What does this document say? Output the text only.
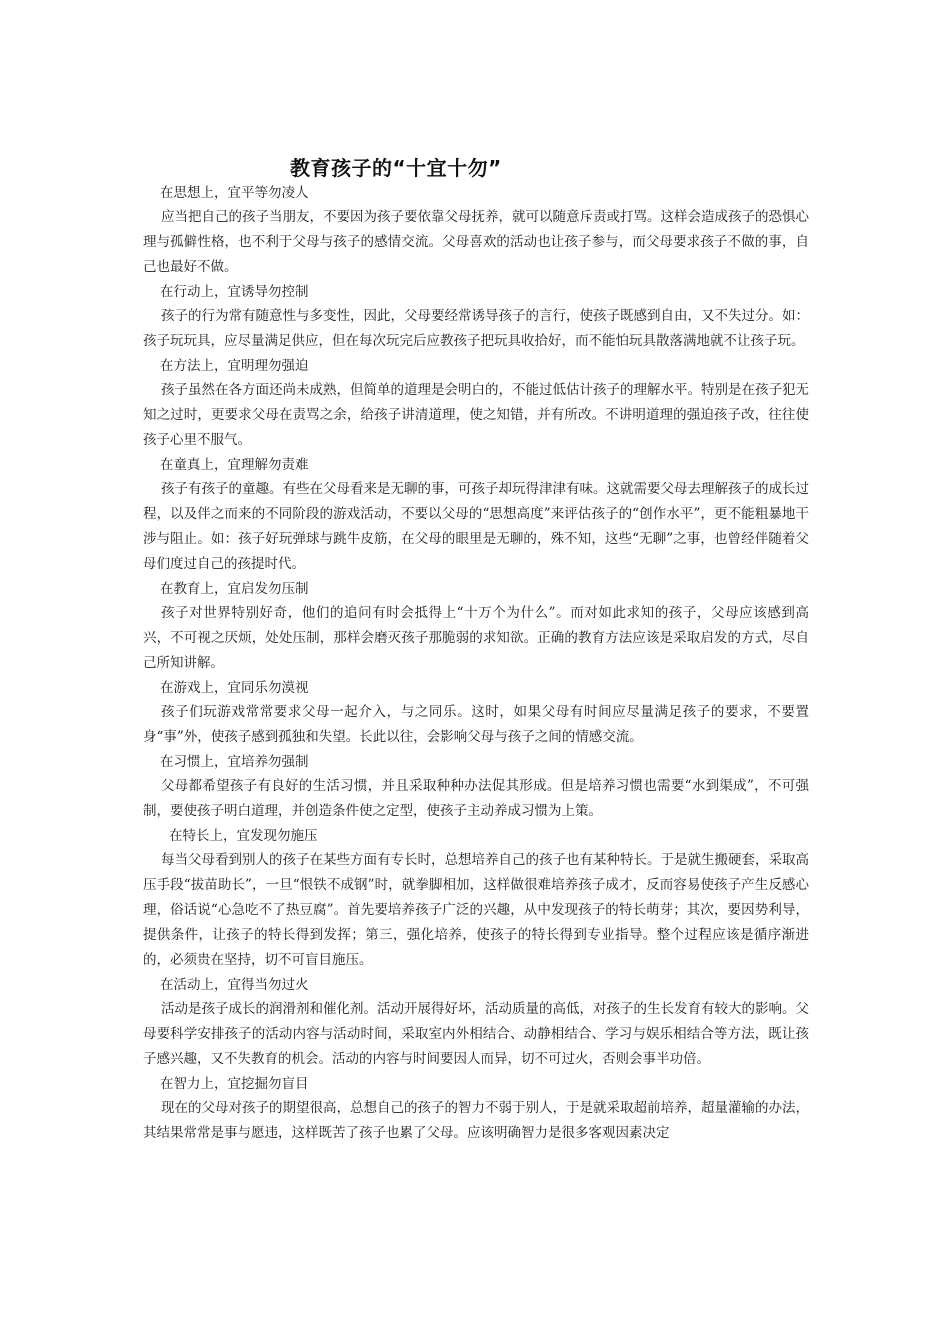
教育孩子的“十宜十勿”
在思想上，宜平等勿凌人

应当把自己的孩子当朋友，不要因为孩子要依靠父母抚养，就可以随意斥责或打骂。这样会造成孩子的恐惧心理与孤僻性格，也不利于父母与孩子的感情交流。父母喜欢的活动也让孩子参与，而父母要求孩子不做的事，自己也最好不做。

在行动上，宜诱导勿控制

孩子的行为常有随意性与多变性，因此，父母要经常诱导孩子的言行，使孩子既感到自由，又不失过分。如：孩子玩玩具，应尽量满足供应，但在每次玩完后应教孩子把玩具收拾好，而不能怕玩具散落满地就不让孩子玩。

在方法上，宜明理勿强迫

孩子虽然在各方面还尚未成熟，但简单的道理是会明白的，不能过低估计孩子的理解水平。特别是在孩子犯无知之过时，更要求父母在责骂之余，给孩子讲清道理，使之知错，并有所改。不讲明道理的强迫孩子改，往往使孩子心里不服气。

在童真上，宜理解勿责难

孩子有孩子的童趣。有些在父母看来是无聊的事，可孩子却玩得津津有味。这就需要父母去理解孩子的成长过程，以及伴之而来的不同阶段的游戏活动，不要以父母的“思想高度”来评估孩子的“创作水平”，更不能粗暴地干涉与阻止。如：孩子好玩弹球与跳牛皮筋，在父母的眼里是无聊的，殊不知，这些“无聊”之事，也曾经伴随着父母们度过自己的孩提时代。

在教育上，宜启发勿压制

孩子对世界特别好奇，他们的追问有时会抵得上“十万个为什么”。而对如此求知的孩子，父母应该感到高兴，不可视之厌烦，处处压制，那样会磨灭孩子那脆弱的求知欲。正确的教育方法应该是采取启发的方式，尽自己所知讲解。

在游戏上，宜同乐勿漠视

孩子们玩游戏常常要求父母一起介入，与之同乐。这时，如果父母有时间应尽量满足孩子的要求，不要置身“事”外，使孩子感到孤独和失望。长此以往，会影响父母与孩子之间的情感交流。

在习惯上，宜培养勿强制

父母都希望孩子有良好的生活习惯，并且采取种种办法促其形成。但是培养习惯也需要“水到渠成”，不可强制，要使孩子明白道理，并创造条件使之定型，使孩子主动养成习惯为上策。

在特长上，宜发现勿施压

每当父母看到别人的孩子在某些方面有专长时，总想培养自己的孩子也有某种特长。于是就生搬硬套，采取高压手段“拔苗助长”，一旦“恨铁不成钢”时，就拳脚相加，这样做很难培养孩子成才，反而容易使孩子产生反感心理，俗话说“心急吃不了热豆腐”。首先要培养孩子广泛的兴趣，从中发现孩子的特长萌芽；其次，要因势利导，提供条件，让孩子的特长得到发挥；第三，强化培养，使孩子的特长得到专业指导。整个过程应该是循序渐进的，必须贵在坚持，切不可盲目施压。

在活动上，宜得当勿过火

活动是孩子成长的润滑剂和催化剂。活动开展得好坏，活动质量的高低，对孩子的生长发育有较大的影响。父母要科学安排孩子的活动内容与活动时间，采取室内外相结合、动静相结合、学习与娱乐相结合等方法，既让孩子感兴趣，又不失教育的机会。活动的内容与时间要因人而异，切不可过火，否则会事半功倍。

在智力上，宜挖掘勿盲目

现在的父母对孩子的期望很高，总想自己的孩子的智力不弱于别人，于是就采取超前培养，超量灌输的办法，其结果常常是事与愿违，这样既苦了孩子也累了父母。应该明确智力是很多客观因素决定
